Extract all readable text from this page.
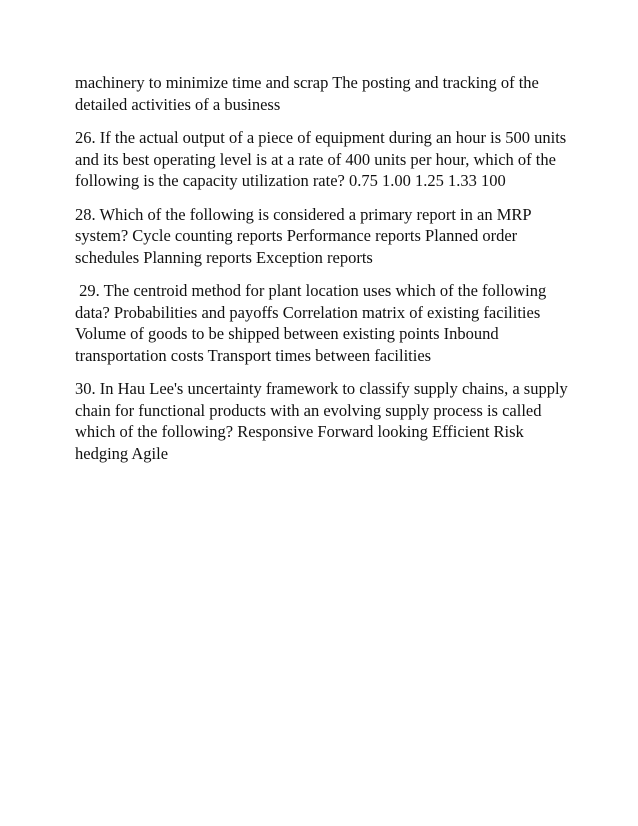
machinery to minimize time and scrap The posting and tracking of the detailed activities of a business

26. If the actual output of a piece of equipment during an hour is 500 units and its best operating level is at a rate of 400 units per hour, which of the following is the capacity utilization rate? 0.75 1.00 1.25 1.33 100

28. Which of the following is considered a primary report in an MRP system? Cycle counting reports Performance reports Planned order schedules Planning reports Exception reports

29. The centroid method for plant location uses which of the following data? Probabilities and payoffs Correlation matrix of existing facilities Volume of goods to be shipped between existing points Inbound transportation costs Transport times between facilities

30. In Hau Lee's uncertainty framework to classify supply chains, a supply chain for functional products with an evolving supply process is called which of the following? Responsive Forward looking Efficient Risk hedging Agile
